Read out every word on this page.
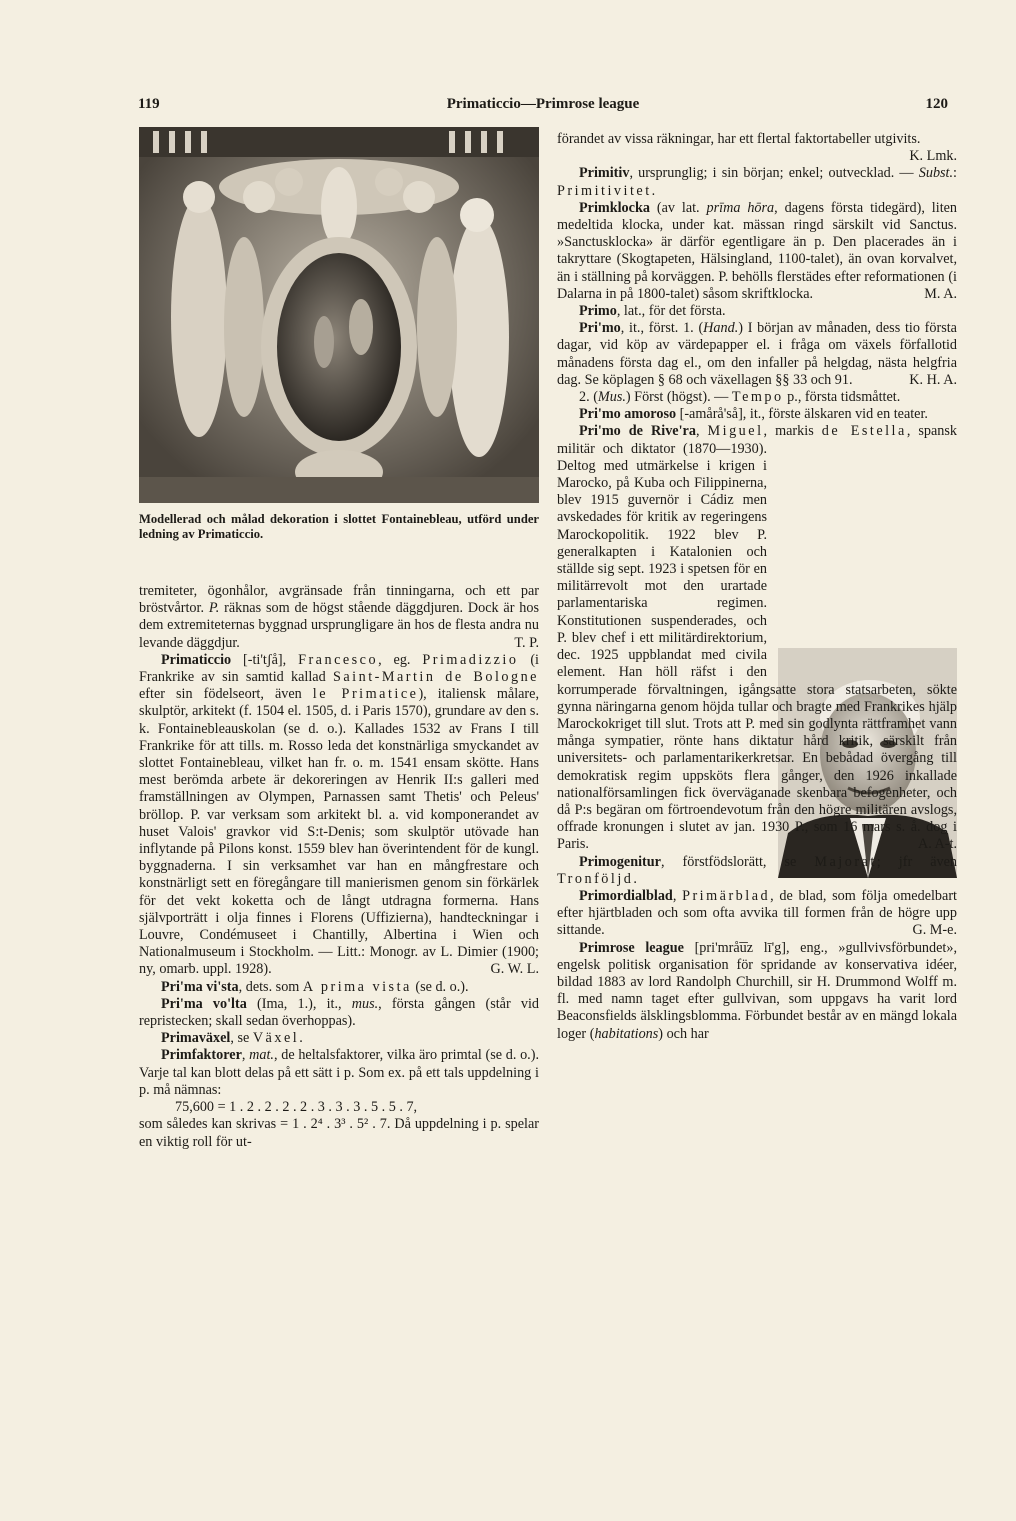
119	Primaticcio—Primrose league	120
Modellerad och målad dekoration i slottet Fontainebleau, utförd under ledning av Primaticcio.

tremiteter, ögonhålor, avgränsade från tinningarna, och ett par bröstvårtor. P. räknas som de högst stående däggdjuren. Dock är hos dem extremiteternas byggnad ursprungligare än hos de flesta andra nu levande däggdjur.	T. P.

Primaticcio [-ti'tʃå], Francesco, eg. Primadizzio (i Frankrike av sin samtid kallad Saint-Martin de Bologne efter sin födelseort, även le Primatice), italiensk målare, skulptör, arkitekt (f. 1504 el. 1505, d. i Paris 1570), grundare av den s. k. Fontainebleauskolan (se d. o.). Kallades 1532 av Frans I till Frankrike för att tills. m. Rosso leda det konstnärliga smyckandet av slottet Fontainebleau, vilket han fr. o. m. 1541 ensam skötte. Hans mest berömda arbete är dekoreringen av Henrik II:s galleri med framställningen av Olympen, Parnassen samt Thetis' och Peleus' bröllop. P. var verksam som arkitekt bl. a. vid komponerandet av huset Valois' gravkor vid S:t-Denis; som skulptör utövade han inflytande på Pilons konst. 1559 blev han överintendent för de kungl. byggnaderna. I sin verksamhet var han en mångfrestare och konstnärligt sett en föregångare till manierismen genom sin förkärlek för det vekt koketta och de långt utdragna formerna. Hans självporträtt i olja finnes i Florens (Uffizierna), handteckningar i Louvre, Condémuseet i Chantilly, Albertina i Wien och Nationalmuseum i Stockholm. — Litt.: Monogr. av L. Dimier (1900; ny, omarb. uppl. 1928).	G. W. L.

Pri'ma vi'sta, dets. som A prima vista (se d. o.).

Pri'ma vo'lta (Ima, 1.), it., mus., första gången (står vid repristecken; skall sedan överhoppas).

Primaväxel, se Växel.

Primfaktorer, mat., de heltalsfaktorer, vilka äro primtal (se d. o.). Varje tal kan blott delas på ett sätt i p. Som ex. på ett tals uppdelning i p. må nämnas:

75,600 = 1 . 2 . 2 . 2 . 2 . 3 . 3 . 3 . 5 . 5 . 7,

som således kan skrivas = 1 . 2⁴ . 3³ . 5² . 7. Då uppdelning i p. spelar en viktig roll för ut-

förandet av vissa räkningar, har ett flertal faktortabeller utgivits.
K. Lmk.

Primitiv, ursprunglig; i sin början; enkel; outvecklad. — Subst.: Primitivitet.

Primklocka (av lat. prīma hōra, dagens första tidegärd), liten medeltida klocka, under kat. mässan ringd särskilt vid Sanctus. »Sanctusklocka» är därför egentligare än p. Den placerades än i takryttare (Skogtapeten, Hälsingland, 1100-talet), än ovan korvalvet, än i ställning på korväggen. P. behölls flerstädes efter reformationen (i Dalarna in på 1800-talet) såsom skriftklocka.	M. A.

Primo, lat., för det första.

Pri'mo, it., först. 1. (Hand.) I början av månaden, dess tio första dagar, vid köp av värdepapper el. i fråga om växels förfallotid månadens första dag el., om den infaller på helgdag, nästa helgfria dag. Se köplagen § 68 och växellagen §§ 33 och 91.	K. H. A.

2. (Mus.) Först (högst). — Tempo p., första tidsmåttet.

Pri'mo amoroso [-amårå'så], it., förste älskaren vid en teater.

Pri'mo de Rive'ra, Miguel, markis de Estella
, spansk militär och diktator (1870—1930). Deltog med utmärkelse i krigen i Marocko, på Kuba och Filippinerna, blev 1915 guvernör i Cádiz men avskedades för kritik av regeringens Marockopolitik. 1922 blev P. generalkapten i Katalonien och ställde sig sept. 1923 i spetsen för en militärrevolt mot den urartade parlamentariska regimen. Konstitutionen suspenderades, och P. blev chef i ett militärdirektorium, dec. 1925 uppblandat med civila element. Han höll räfst i den korrumperade förvaltningen, igångsatte stora statsarbeten, sökte gynna näringarna genom höjda tullar och bragte med Frankrikes hjälp Marockokriget till slut. Trots att P. med sin godlynta rättframhet vann många sympatier, rönte hans diktatur hård kritik, särskilt från universitets- och parlamentarikerkretsar. En bebådad övergång till demokratisk regim uppsköts flera gånger, den 1926 inkallade nationalförsamlingen fick överväganade skenbara befogenheter, och då P:s begäran om förtroendevotum från den högre militären avslogs, offrade kronungen i slutet av jan. 1930 P., som 16 mars s. å. dog i Paris.	A. A-t.

Primogenitur, förstfödslorätt, se Majorat; jfr även Tronföljd.

Primordialblad, Primärblad, de blad, som följa omedelbart efter hjärtbladen och som ofta avvika till formen från de högre upp sittande.	G. M-e.

Primrose league [pri'mrå͞uz lī'g], eng., »gullvivsförbundet», engelsk politisk organisation för spridande av konservativa idéer, bildad 1883 av lord Randolph Churchill, sir H. Drummond Wolff m. fl. med namn taget efter gullvivan, som uppgavs ha varit lord Beaconsfields älsklingsblomma. Förbundet består av en mängd lokala loger (habitations) och har
